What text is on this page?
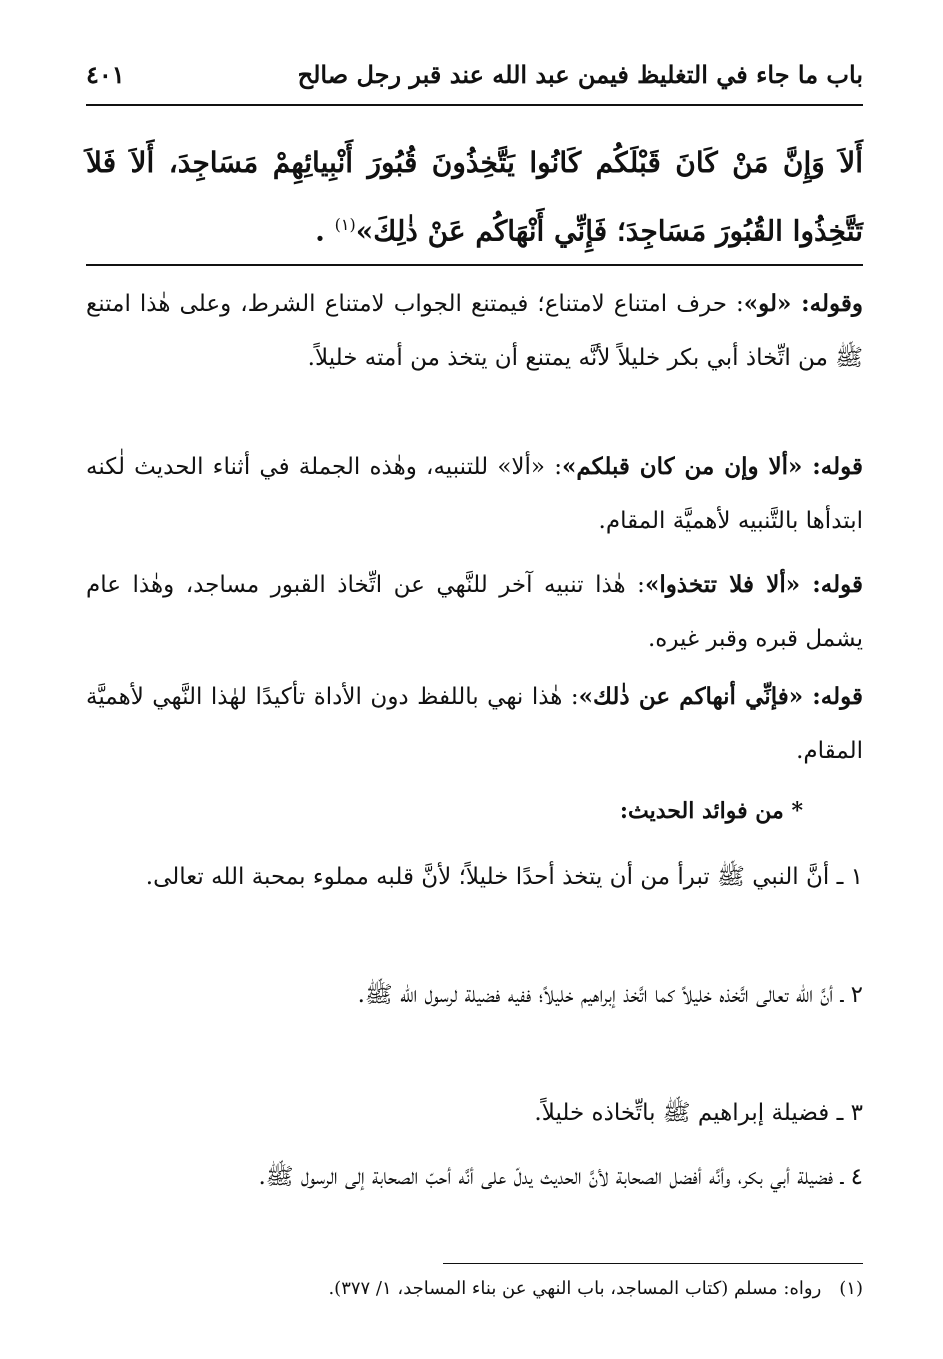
باب ما جاء في التغليظ فيمن عبد الله عند قبر رجل صالح
٤٠١
أَلاَ وَإِنَّ مَنْ كَانَ قَبْلَكُم كَانُوا يَتَّخِذُونَ قُبُورَ أَنْبِيائِهِمْ مَسَاجِدَ، أَلاَ فَلاَ تَتَّخِذُوا القُبُورَ مَسَاجِدَ؛ فَإِنِّي أَنْهَاكُم عَنْ ذٰلِكَ»$^{(١)}$ .
وقوله: «لو»: حرف امتناع لامتناع؛ فيمتنع الجواب لامتناع الشرط، وعلى هٰذا امتنع ﷺ من اتِّخاذ أبي بكر خليلاً لأنَّه يمتنع أن يتخذ من أمته خليلاً.
قوله: «ألا وإن من كان قبلكم»: «ألا» للتنبيه، وهٰذه الجملة في أثناء الحديث لٰكنه ابتدأها بالتَّنبيه لأهميَّة المقام.
قوله: «ألا فلا تتخذوا»: هٰذا تنبيه آخر للنَّهي عن اتِّخاذ القبور مساجد، وهٰذا عام يشمل قبره وقبر غيره.
قوله: «فإنِّي أنهاكم عن ذٰلك»: هٰذا نهي باللفظ دون الأداة تأكيدًا لهٰذا النَّهي لأهميَّة المقام.
* من فوائد الحديث:
١ ـ أنَّ النبي ﷺ تبرأ من أن يتخذ أحدًا خليلاً؛ لأنَّ قلبه مملوء بمحبة الله تعالى.
٢ ـ أنَّ الله تعالى اتَّخذه خليلاً كما اتَّخذ إبراهيم خليلاً؛ ففيه فضيلة لرسول الله ﷺ.
٣ ـ فضيلة إبراهيم ﷺ باتِّخاذه خليلاً.
٤ ـ فضيلة أبي بكر، وأنَّه أفضل الصحابة لأنَّ الحديث يدلّ على أنَّه أحبّ الصحابة إلى الرسول ﷺ.
(١)رواه: مسلم (كتاب المساجد، باب النهي عن بناء المساجد، ١/ ٣٧٧).
